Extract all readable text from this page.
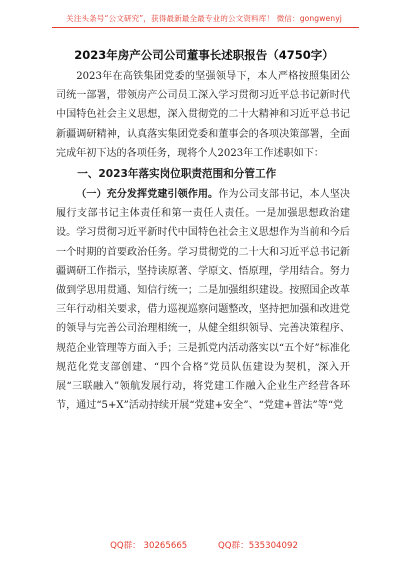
关注头条号“公文研究”，获得最新最全最专业的公文资料库！ 微信：gongwenyj
2023年房产公司公司董事长述职报告（4750字）

2023年在高铁集团党委的坚强领导下，本人严格按照集团公司统一部署，带领房产公司员工深入学习贯彻习近平总书记新时代中国特色社会主义思想，深入贯彻党的二十大精神和习近平总书记新疆调研精神，认真落实集团党委和董事会的各项决策部署，全面完成年初下达的各项任务，现将个人2023年工作述职如下：

一、2023年落实岗位职责范围和分管工作

（一）充分发挥党建引领作用。作为公司支部书记，本人坚决履行支部书记主体责任和第一责任人责任。一是加强思想政治建设。学习贯彻习近平新时代中国特色社会主义思想作为当前和今后一个时期的首要政治任务。学习贯彻党的二十大和习近平总书记新疆调研工作指示，坚持读原著、学原文、悟原理，学用结合。努力做到学思用贯通、知信行统一；二是加强组织建设。按照国企改革三年行动相关要求，借力巡视巡察问题整改，坚持把加强和改进党的领导与完善公司治理相统一，从健全组织领导、完善决策程序、规范企业管理等方面入手；三是抓党内活动落实以“五个好”标准化规范化党支部创建、“四个合格”党员队伍建设为契机，深入开展“三联融入”领航发展行动，将党建工作融入企业生产经营各环节，通过“5+X”活动持续开展“党建+安全”、“党建+普法”等“党

QQ群： 30265665	QQ群：535304092
